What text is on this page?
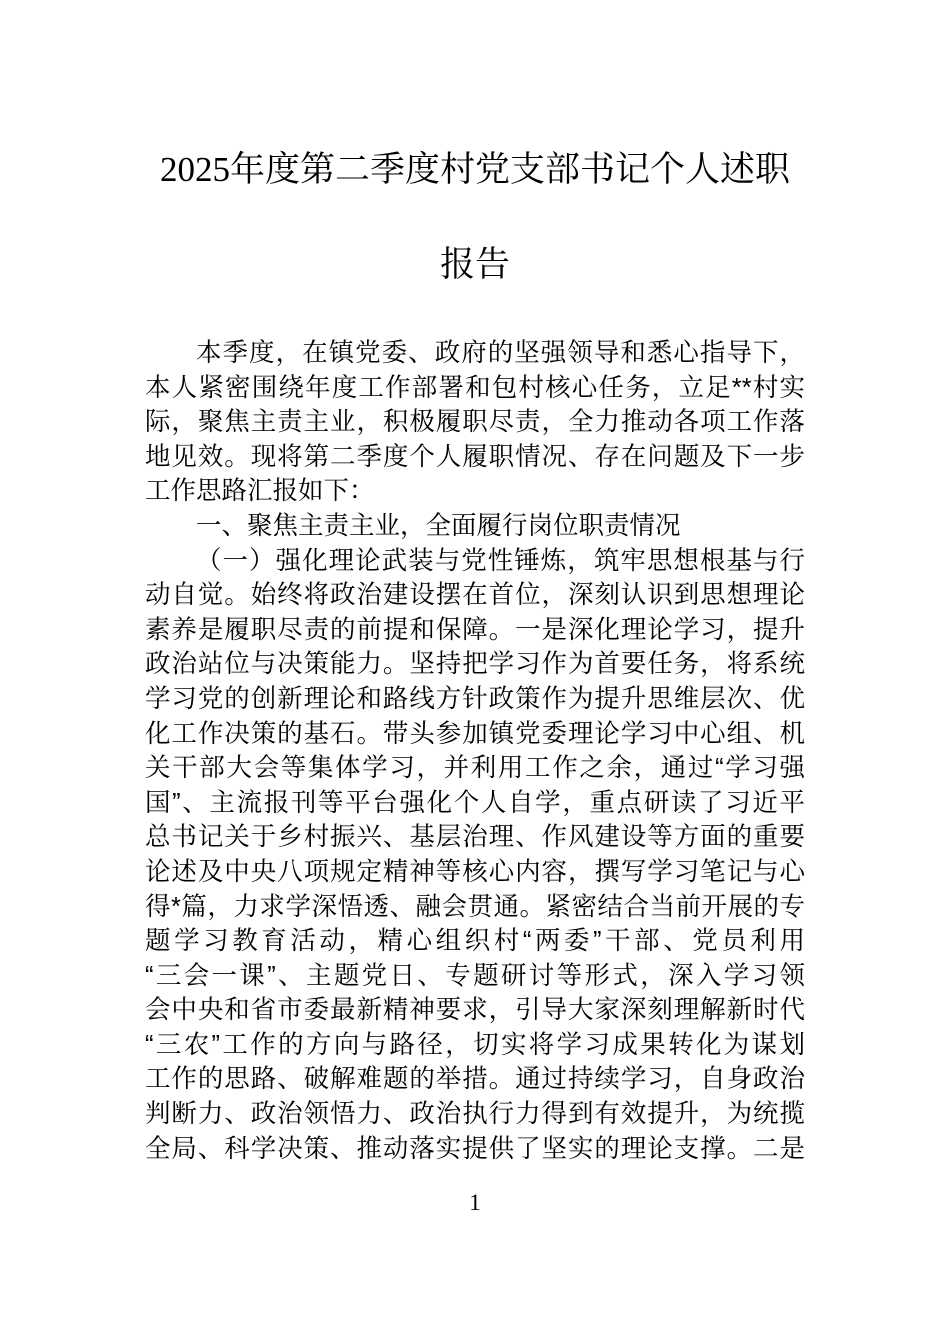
2025年度第二季度村党支部书记个人述职
报告
本季度，在镇党委、政府的坚强领导和悉心指导下，
本人紧密围绕年度工作部署和包村核心任务，立足**村实
际，聚焦主责主业，积极履职尽责，全力推动各项工作落
地见效。现将第二季度个人履职情况、存在问题及下一步
工作思路汇报如下：
一、聚焦主责主业，全面履行岗位职责情况
（一）强化理论武装与党性锤炼，筑牢思想根基与行
动自觉。始终将政治建设摆在首位，深刻认识到思想理论
素养是履职尽责的前提和保障。一是深化理论学习，提升
政治站位与决策能力。坚持把学习作为首要任务，将系统
学习党的创新理论和路线方针政策作为提升思维层次、优
化工作决策的基石。带头参加镇党委理论学习中心组、机
关干部大会等集体学习，并利用工作之余，通过“学习强
国”、主流报刊等平台强化个人自学，重点研读了习近平
总书记关于乡村振兴、基层治理、作风建设等方面的重要
论述及中央八项规定精神等核心内容，撰写学习笔记与心
得*篇，力求学深悟透、融会贯通。紧密结合当前开展的专
题学习教育活动，精心组织村“两委”干部、党员利用
“三会一课”、主题党日、专题研讨等形式，深入学习领
会中央和省市委最新精神要求，引导大家深刻理解新时代
“三农”工作的方向与路径，切实将学习成果转化为谋划
工作的思路、破解难题的举措。通过持续学习，自身政治
判断力、政治领悟力、政治执行力得到有效提升，为统揽
全局、科学决策、推动落实提供了坚实的理论支撑。二是
1
